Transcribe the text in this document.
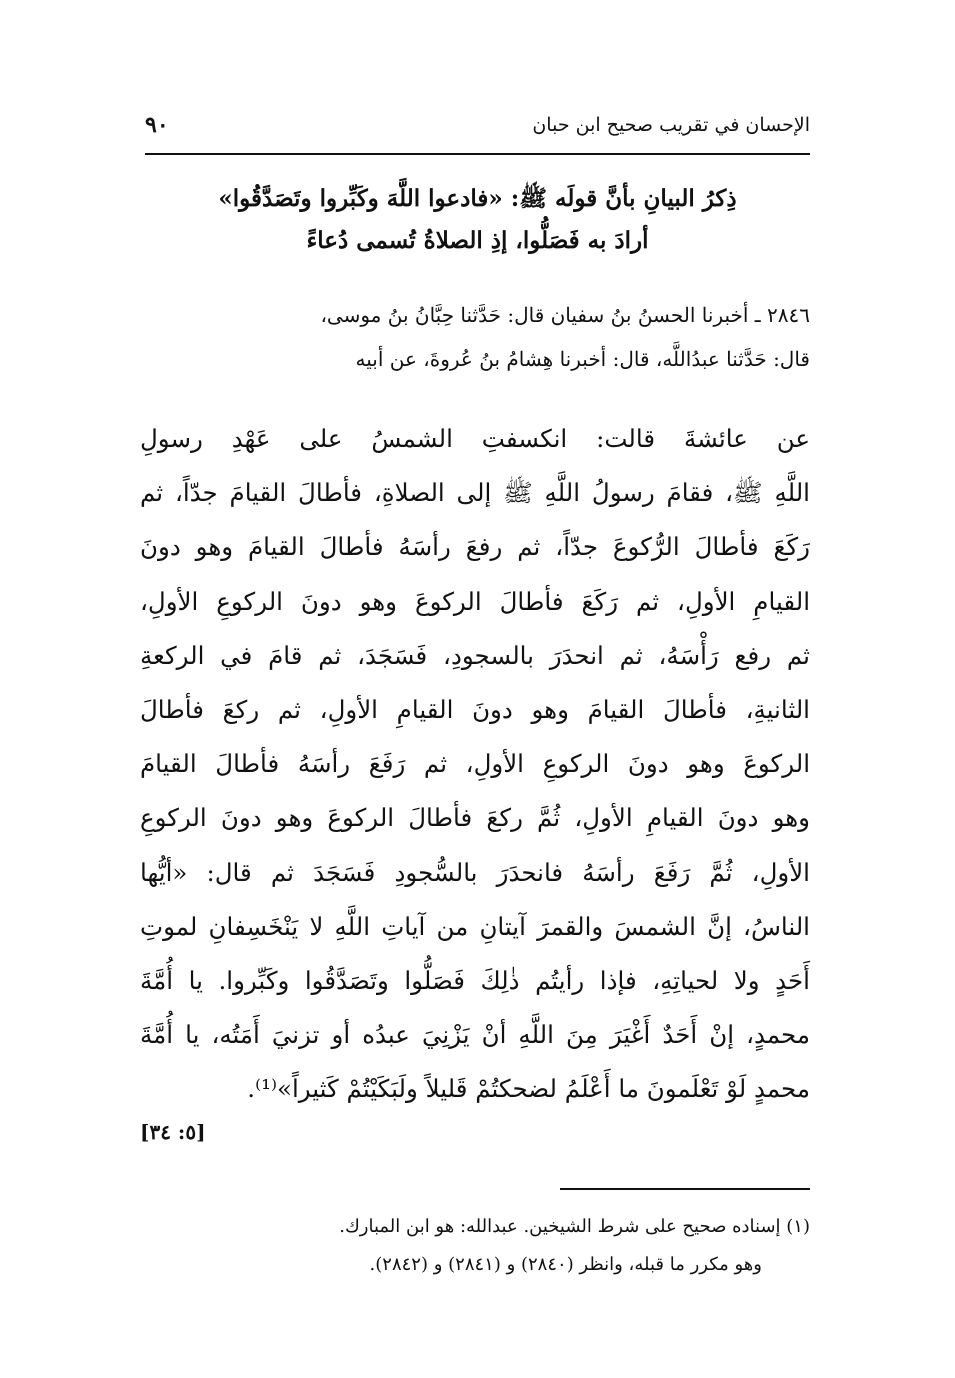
الإحسان في تقريب صحيح ابن حبان
٩٠
ذِكرُ البيانِ بأنَّ قولَه ﷺ: «فادعوا اللَّهَ وكَبِّروا وتَصَدَّقُوا»
أرادَ به فَصَلُّوا، إذِ الصلاةُ تُسمى دُعاءً
٢٨٤٦ ـ أخبرنا الحسنُ بنُ سفيان قال: حَدَّثنا حِبَّانُ بنُ موسى،
قال: حَدَّثنا عبدُاللَّه، قال: أخبرنا هِشامُ بنُ عُروةَ، عن أبيه
عن عائشةَ قالت: انكسفتِ الشمسُ على عَهْدِ رسولِ
اللَّهِ ﷺ، فقامَ رسولُ اللَّهِ ﷺ إلى الصلاةِ، فأطالَ القيامَ جدّاً، ثم
رَكَعَ فأطالَ الرُّكوعَ جدّاً، ثم رفعَ رأسَهُ فأطالَ القيامَ وهو دونَ
القيامِ الأولِ، ثم رَكَعَ فأطالَ الركوعَ وهو دونَ الركوعِ الأولِ،
ثم رفع رَأْسَهُ، ثم انحدَرَ بالسجودِ، فَسَجَدَ، ثم قامَ في الركعةِ
الثانيةِ، فأطالَ القيامَ وهو دونَ القيامِ الأولِ، ثم ركعَ فأطالَ
الركوعَ وهو دونَ الركوعِ الأولِ، ثم رَفَعَ رأسَهُ فأطالَ القيامَ
وهو دونَ القيامِ الأولِ، ثُمَّ ركعَ فأطالَ الركوعَ وهو دونَ الركوعِ
الأولِ، ثُمَّ رَفَعَ رأسَهُ فانحدَرَ بالسُّجودِ فَسَجَدَ ثم قال: «أيُّها
الناسُ، إنَّ الشمسَ والقمرَ آيتانِ من آياتِ اللَّهِ لا يَنْخَسِفانِ لموتِ
أَحَدٍ ولا لحياتِهِ، فإذا رأيتُم ذٰلِكَ فَصَلُّوا وتَصَدَّقُوا وكَبِّروا. يا أُمَّةَ
محمدٍ، إنْ أَحَدٌ أَغْيَرَ مِنَ اللَّهِ أنْ يَزْنِيَ عبدُه أو تزنيَ أَمَتُه، يا أُمَّةَ
محمدٍ لَوْ تَعْلَمونَ ما أَعْلَمُ لضحكتُمْ قَليلاً ولَبَكَيْتُمْ كَثيراً»⁽¹⁾.
[٥: ٣٤]
(١) إسناده صحيح على شرط الشيخين. عبدالله: هو ابن المبارك.
وهو مكرر ما قبله، وانظر (٢٨٤٠) و (٢٨٤١) و (٢٨٤٢).
